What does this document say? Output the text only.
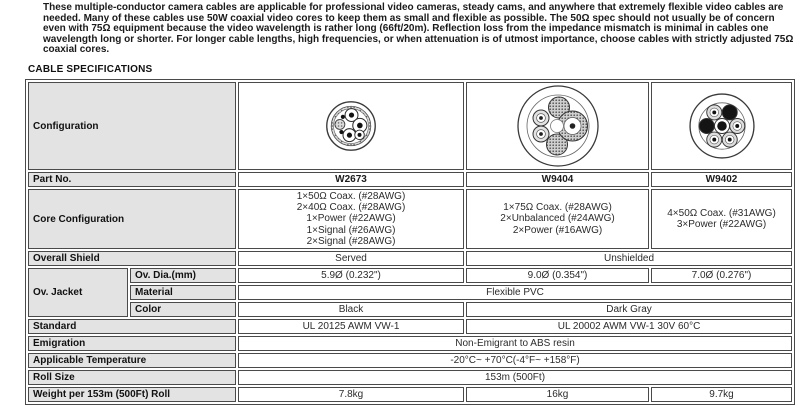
These multiple-conductor camera cables are applicable for professional video cameras, steady cams, and anywhere that extremely flexible video cables are needed. Many of these cables use 50W coaxial video cores to keep them as small and flexible as possible. The 50Ω spec should not usually be of concern even with 75Ω equipment because the video wavelength is rather long (66ft/20m). Reflection loss from the impedance mismatch is minimal in cables one wavelength long or shorter. For longer cable lengths, high frequencies, or when attenuation is of utmost importance, choose cables with strictly adjusted 75Ω coaxial cores.
CABLE SPECIFICATIONS
Configuration			
Part No.		W2673	W9404	W9402
Core Configuration	
1×50Ω Coax. (#28AWG)
2×40Ω Coax. (#28AWG)
1×Power (#22AWG)
1×Signal (#26AWG)
2×Signal (#28AWG)

1×75Ω Coax. (#28AWG)
2×Unbalanced (#24AWG)
2×Power (#16AWG)

4×50Ω Coax. (#31AWG)
3×Power (#22AWG)

Overall Shield		Served	Unshielded	
Ov. Jacket	Ov. Dia.(mm)	5.9Ø (0.232")	9.0Ø (0.354")	7.0Ø (0.276")
	Material	Flexible PVC		
	Color	Black	Dark Gray	
Standard		UL 20125 AWM VW-1	UL 20002 AWM VW-1 30V 60°C	
Emigration		Non-Emigrant to ABS resin		
Applicable Temperature		-20°C~ +70°C(-4°F~ +158°F)		
Roll Size		153m (500Ft)		
Weight per 153m (500Ft) Roll		7.8kg	16kg	9.7kg
